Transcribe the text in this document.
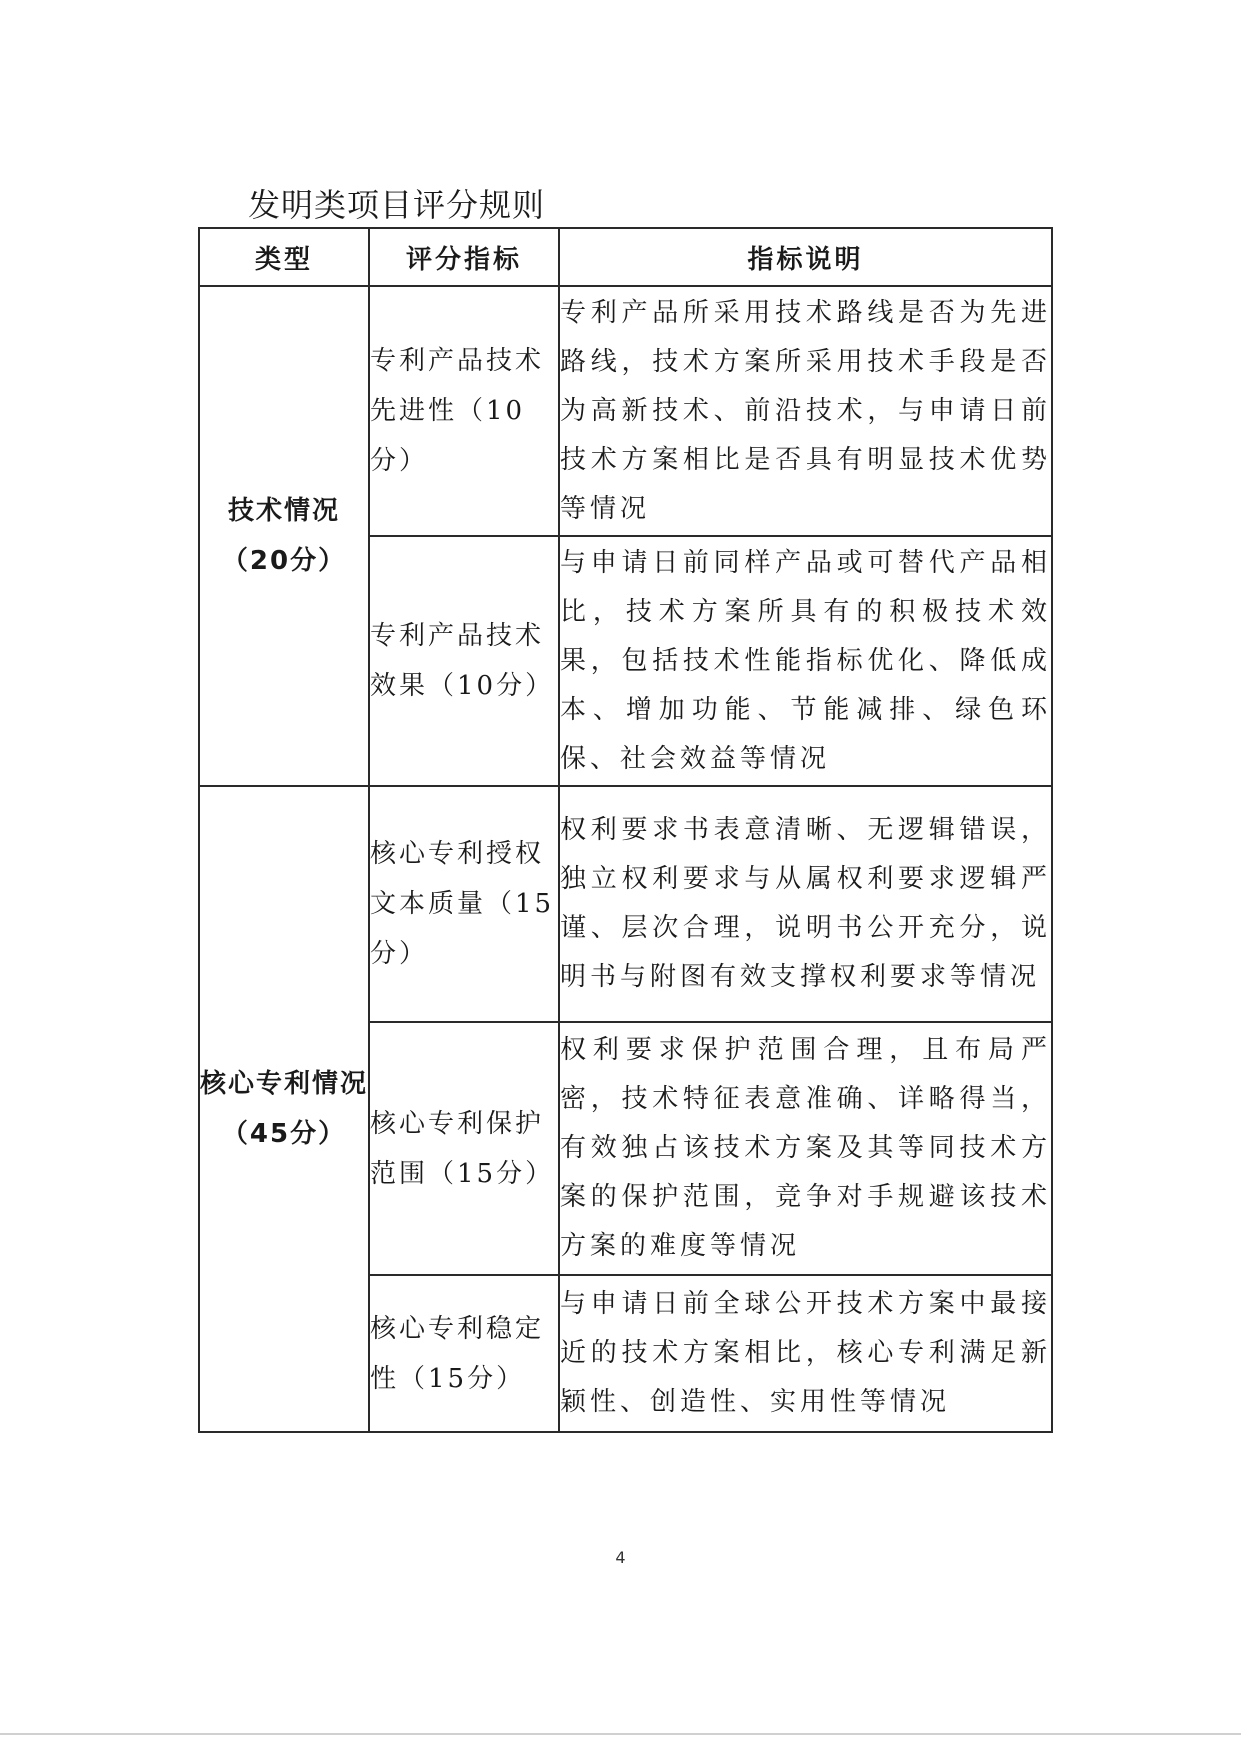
发明类项目评分规则
类型	评分指标	指标说明

技术情况
（20分）	专利产品技术先进性（10分）	专利产品所采用技术路线是否为先进路线，技术方案所采用技术手段是否为高新技术、前沿技术，与申请日前技术方案相比是否具有明显技术优势等情况
	专利产品技术效果（10分）	与申请日前同样产品或可替代产品相比，技术方案所具有的积极技术效果，包括技术性能指标优化、降低成本、增加功能、节能减排、绿色环保、社会效益等情况

核心专利情况
（45分）	核心专利授权文本质量（15分）	权利要求书表意清晰、无逻辑错误，独立权利要求与从属权利要求逻辑严谨、层次合理，说明书公开充分，说明书与附图有效支撑权利要求等情况
	核心专利保护范围（15分）	权利要求保护范围合理，且布局严密，技术特征表意准确、详略得当，有效独占该技术方案及其等同技术方案的保护范围，竞争对手规避该技术方案的难度等情况
	核心专利稳定性（15分）	与申请日前全球公开技术方案中最接近的技术方案相比，核心专利满足新颖性、创造性、实用性等情况
4
